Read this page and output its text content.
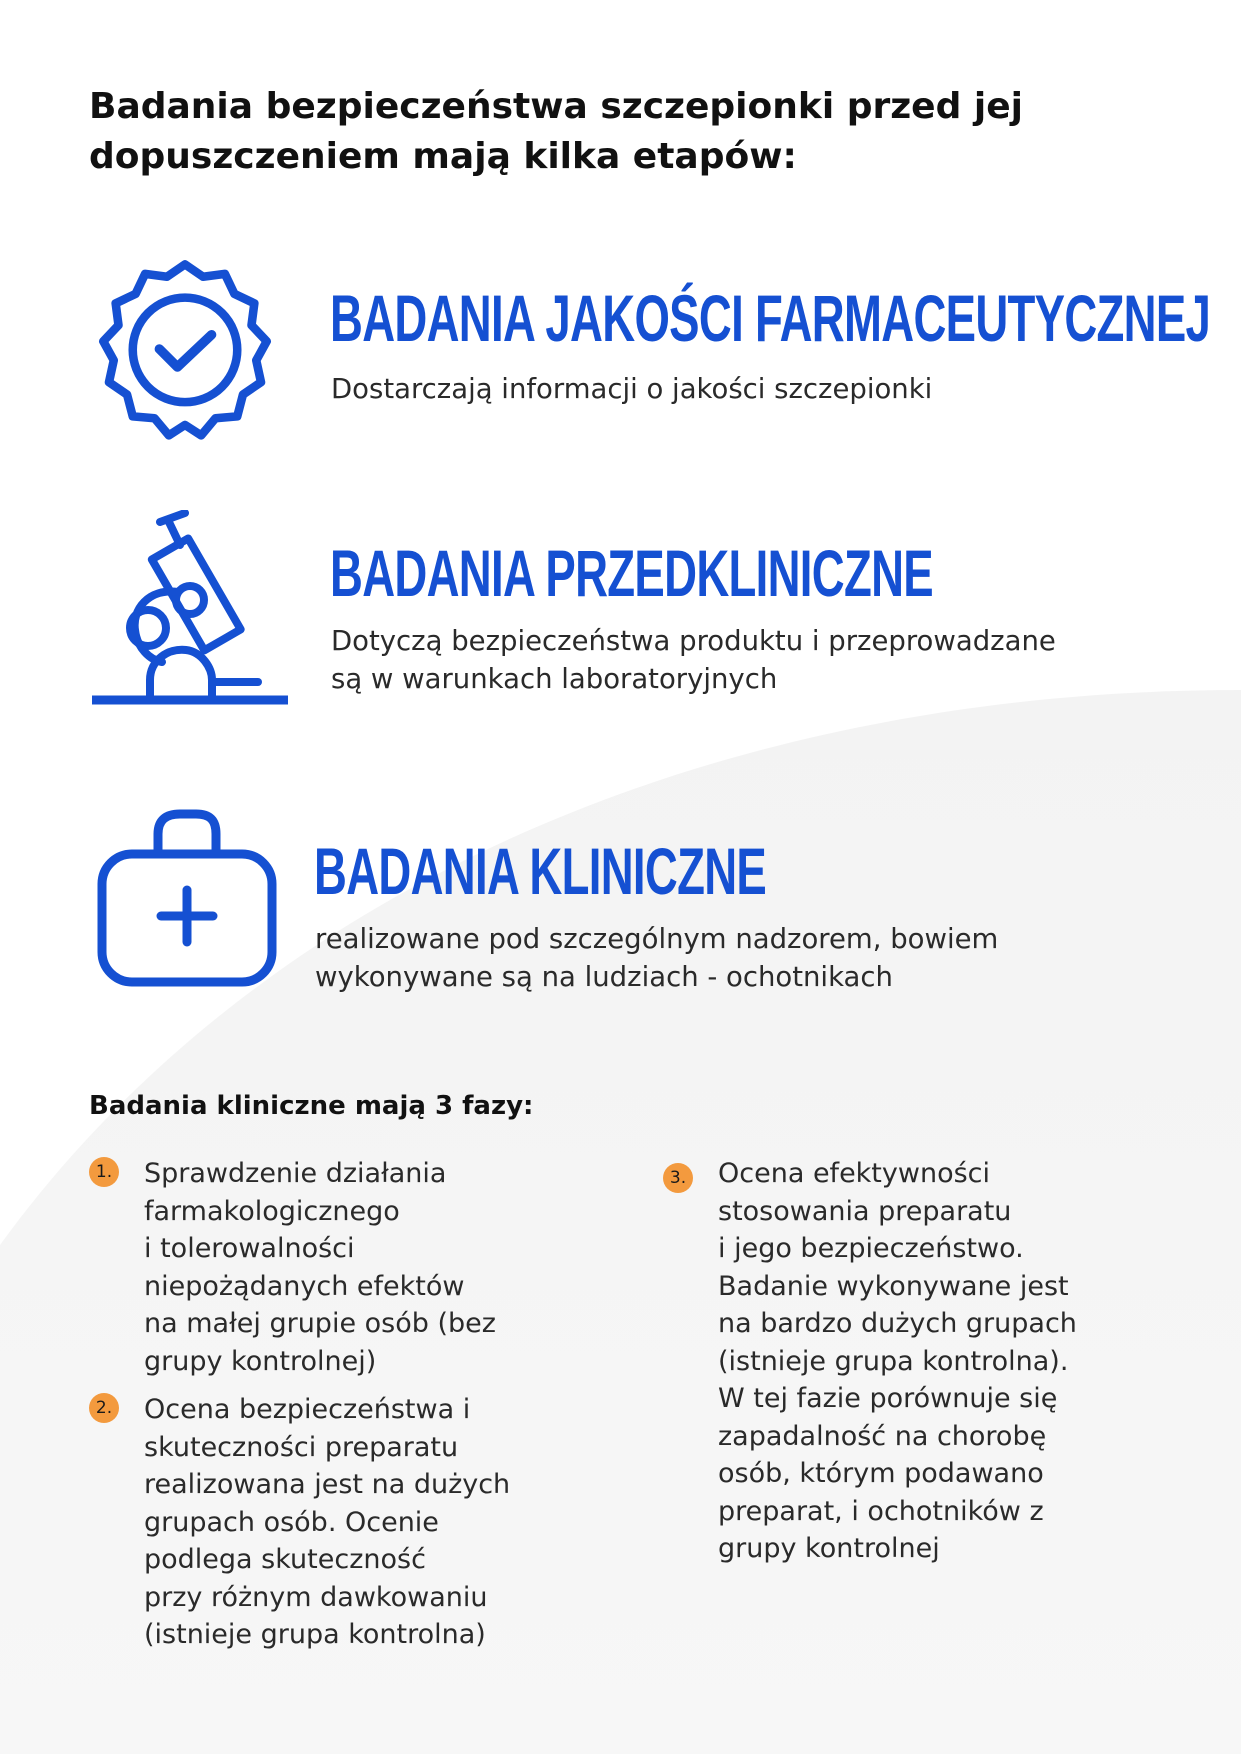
Badania bezpieczeństwa szczepionki przed jej
dopuszczeniem mają kilka etapów:
BADANIA JAKOŚCI FARMACEUTYCZNEJ

Dostarczają informacji o jakości szczepionki

BADANIA PRZEDKLINICZNE

Dotyczą bezpieczeństwa produktu i przeprowadzane
są w warunkach laboratoryjnych

BADANIA KLINICZNE

realizowane pod szczególnym nadzorem, bowiem
wykonywane są na ludziach - ochotnikach

Badania kliniczne mają 3 fazy:
1. Sprawdzenie działania
farmakologicznego
i tolerowalności
niepożądanych efektów
na małej grupie osób (bez
grupy kontrolnej)

2. Ocena bezpieczeństwa i
skuteczności preparatu
realizowana jest na dużych
grupach osób. Ocenie
podlega skuteczność
przy różnym dawkowaniu
(istnieje grupa kontrolna)

3. Ocena efektywności
stosowania preparatu
i jego bezpieczeństwo.
Badanie wykonywane jest
na bardzo dużych grupach
(istnieje grupa kontrolna).
W tej fazie porównuje się
zapadalność na chorobę
osób, którym podawano
preparat, i ochotników z
grupy kontrolnej
